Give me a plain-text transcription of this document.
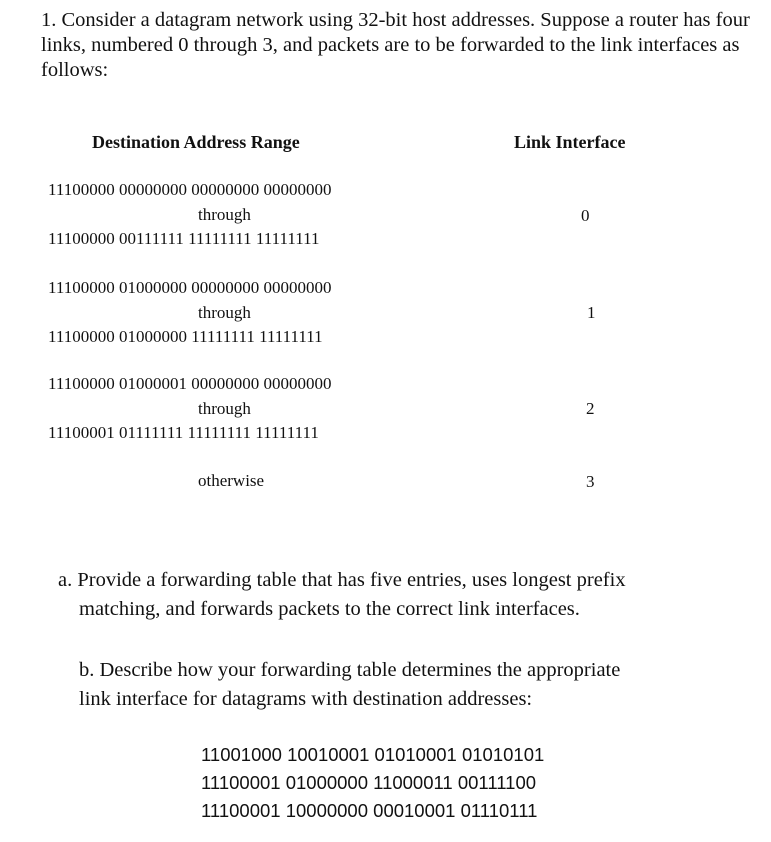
1. Consider a datagram network using 32-bit host addresses. Suppose a router has four links, numbered 0 through 3, and packets are to be forwarded to the link interfaces as follows:
Destination Address Range	Link Interface
11100000 00000000 00000000 00000000
through
11100000 00111111 11111111 11111111
0
11100000 01000000 00000000 00000000
through
11100000 01000000 11111111 11111111
1
11100000 01000001 00000000 00000000
through
11100001 01111111 11111111 11111111
2
otherwise	3
a. Provide a forwarding table that has five entries, uses longest prefix
matching, and forwards packets to the correct link interfaces.
b. Describe how your forwarding table determines the appropriate
link interface for datagrams with destination addresses:
11001000 10010001 01010001 01010101
11100001 01000000 11000011 00111100
11100001 10000000 00010001 01110111
